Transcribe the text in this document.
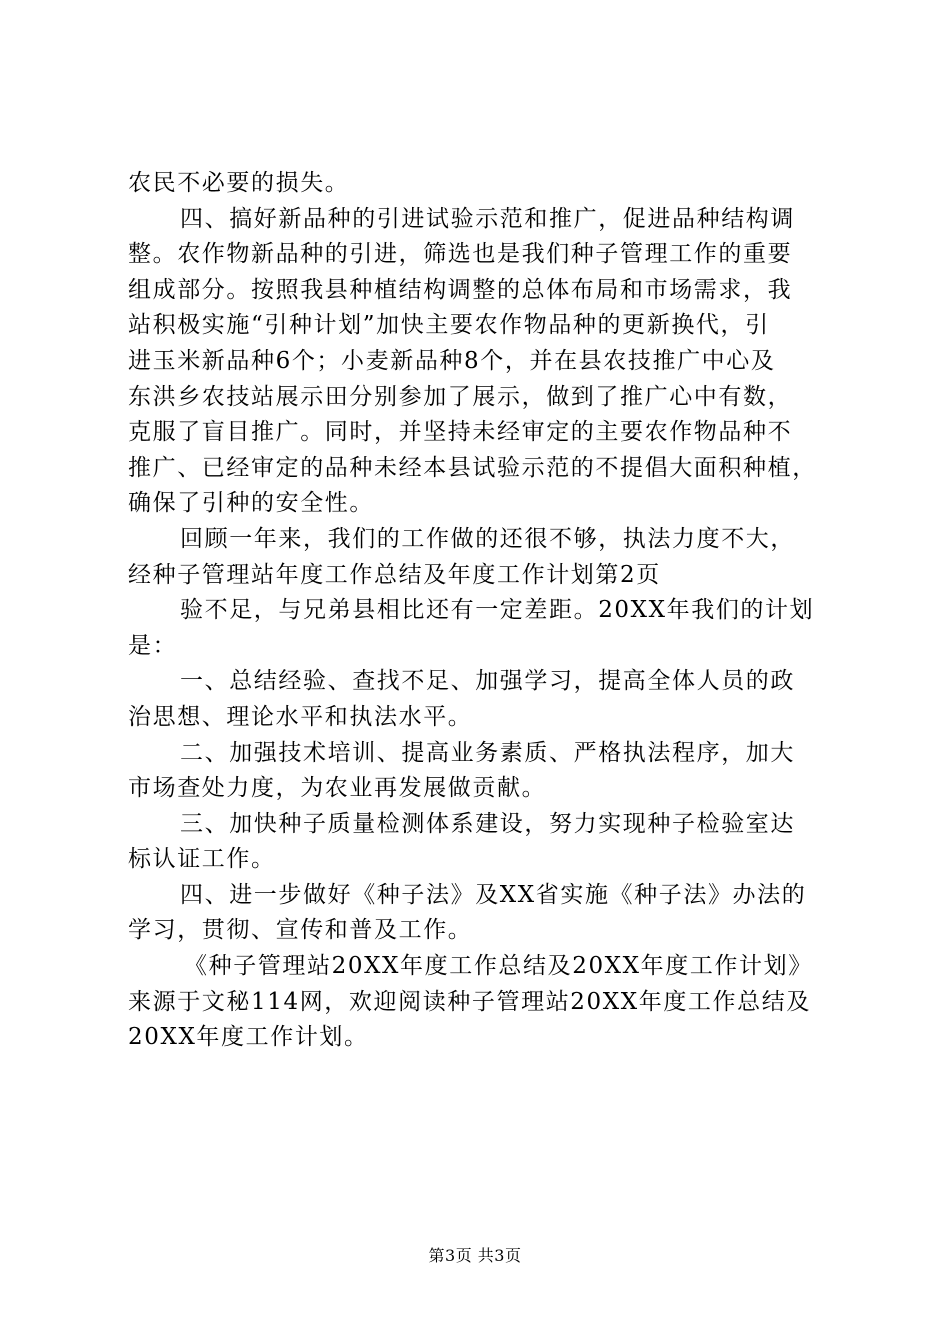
农民不必要的损失。
四、搞好新品种的引进试验示范和推广，促进品种结构调
整。农作物新品种的引进，筛选也是我们种子管理工作的重要
组成部分。按照我县种植结构调整的总体布局和市场需求，我
站积极实施“引种计划”加快主要农作物品种的更新换代，引
进玉米新品种6个；小麦新品种8个，并在县农技推广中心及
东洪乡农技站展示田分别参加了展示，做到了推广心中有数，
克服了盲目推广。同时，并坚持未经审定的主要农作物品种不
推广、已经审定的品种未经本县试验示范的不提倡大面积种植，
确保了引种的安全性。
回顾一年来，我们的工作做的还很不够，执法力度不大，
经种子管理站年度工作总结及年度工作计划第2页
验不足，与兄弟县相比还有一定差距。20XX年我们的计划
是：
一、总结经验、查找不足、加强学习，提高全体人员的政
治思想、理论水平和执法水平。
二、加强技术培训、提高业务素质、严格执法程序，加大
市场查处力度，为农业再发展做贡献。
三、加快种子质量检测体系建设，努力实现种子检验室达
标认证工作。
四、进一步做好《种子法》及XX省实施《种子法》办法的
学习，贯彻、宣传和普及工作。
《种子管理站20XX年度工作总结及20XX年度工作计划》
来源于文秘114网，欢迎阅读种子管理站20XX年度工作总结及
20XX年度工作计划。
第3页 共3页
